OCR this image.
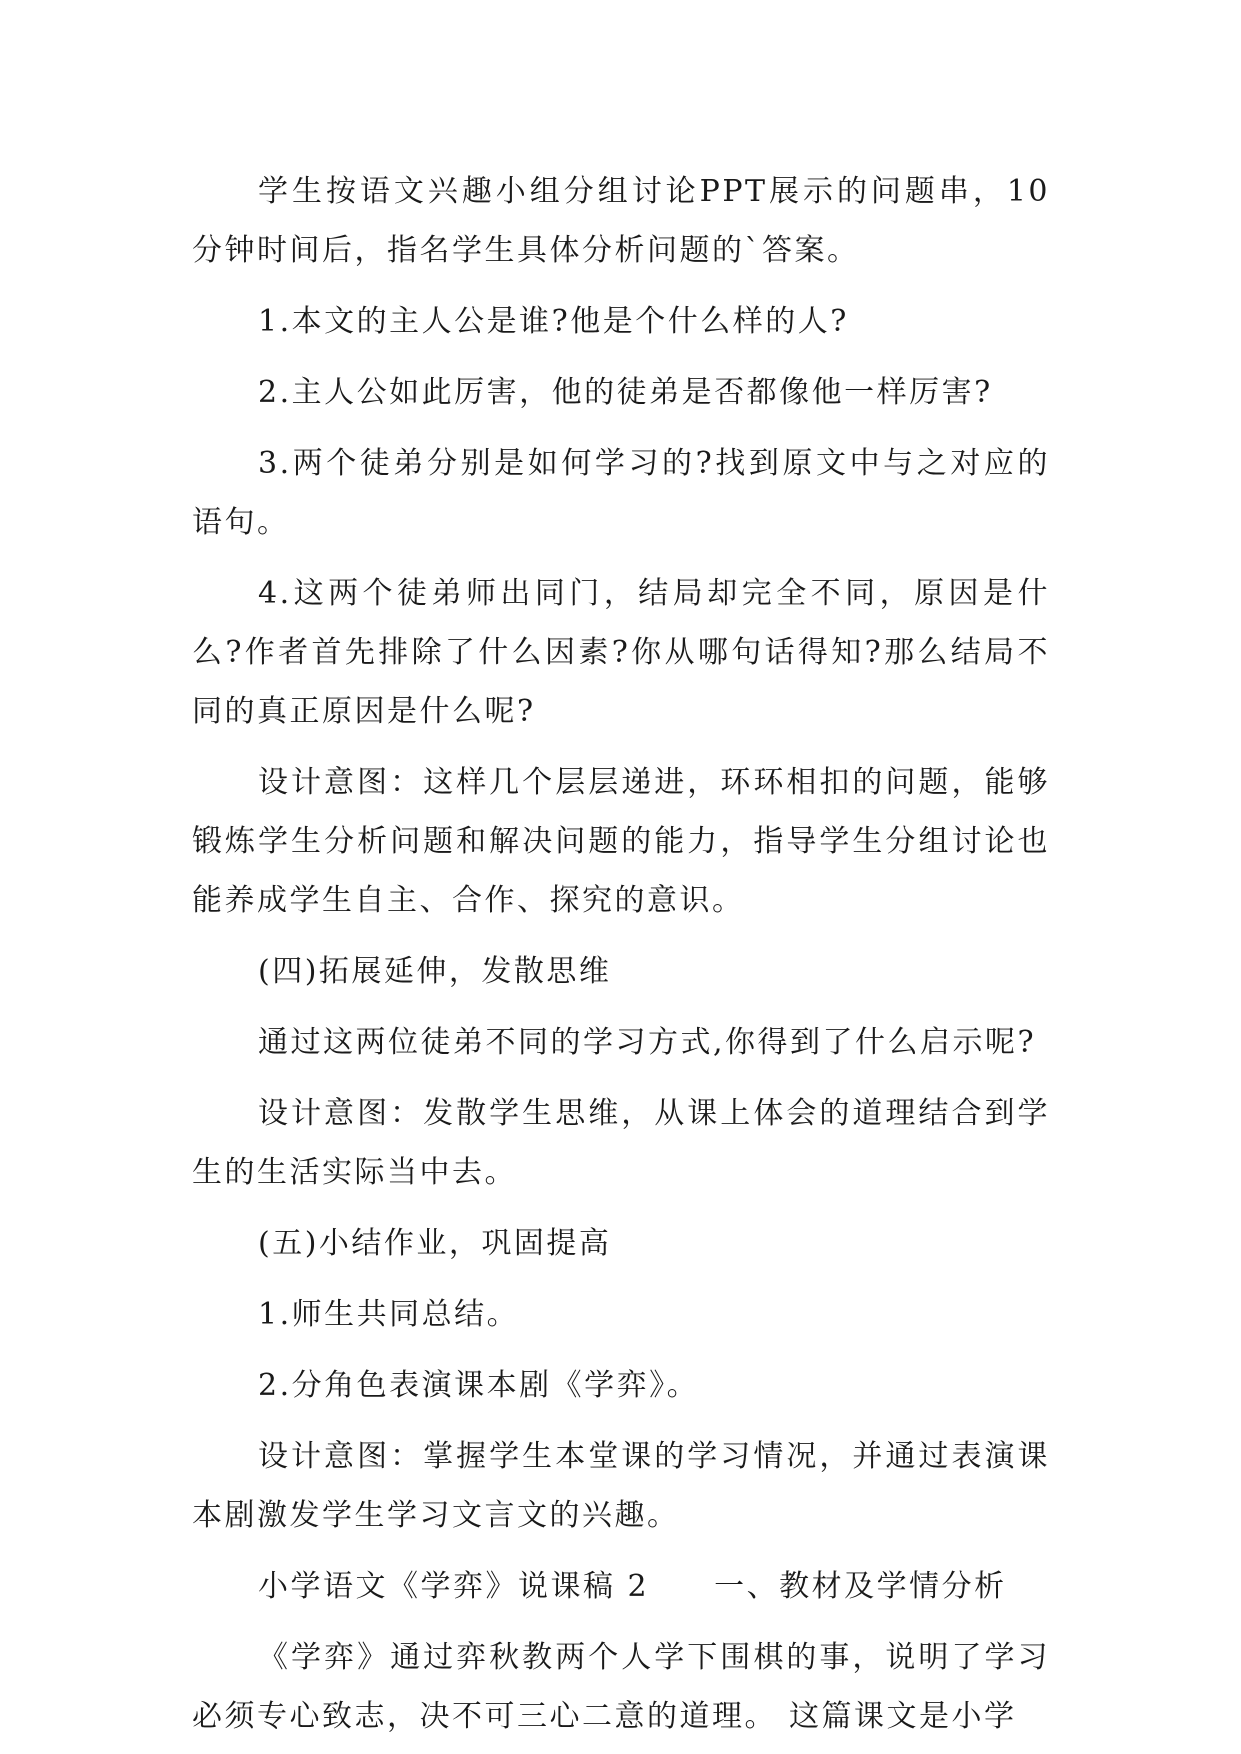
学生按语文兴趣小组分组讨论PPT展示的问题串，10分钟时间后，指名学生具体分析问题的`答案。

1.本文的主人公是谁?他是个什么样的人?

2.主人公如此厉害，他的徒弟是否都像他一样厉害?

3.两个徒弟分别是如何学习的?找到原文中与之对应的语句。

4.这两个徒弟师出同门，结局却完全不同，原因是什么?作者首先排除了什么因素?你从哪句话得知?那么结局不同的真正原因是什么呢?

设计意图：这样几个层层递进，环环相扣的问题，能够锻炼学生分析问题和解决问题的能力，指导学生分组讨论也能养成学生自主、合作、探究的意识。

(四)拓展延伸，发散思维

通过这两位徒弟不同的学习方式,你得到了什么启示呢?

设计意图：发散学生思维，从课上体会的道理结合到学生的生活实际当中去。

(五)小结作业，巩固提高

1.师生共同总结。

2.分角色表演课本剧《学弈》。

设计意图：掌握学生本堂课的学习情况，并通过表演课本剧激发学生学习文言文的兴趣。

小学语文《学弈》说课稿 2　　一、教材及学情分析

《学弈》通过弈秋教两个人学下围棋的事，说明了学习必须专心致志，决不可三心二意的道理。 这篇课文是小学
